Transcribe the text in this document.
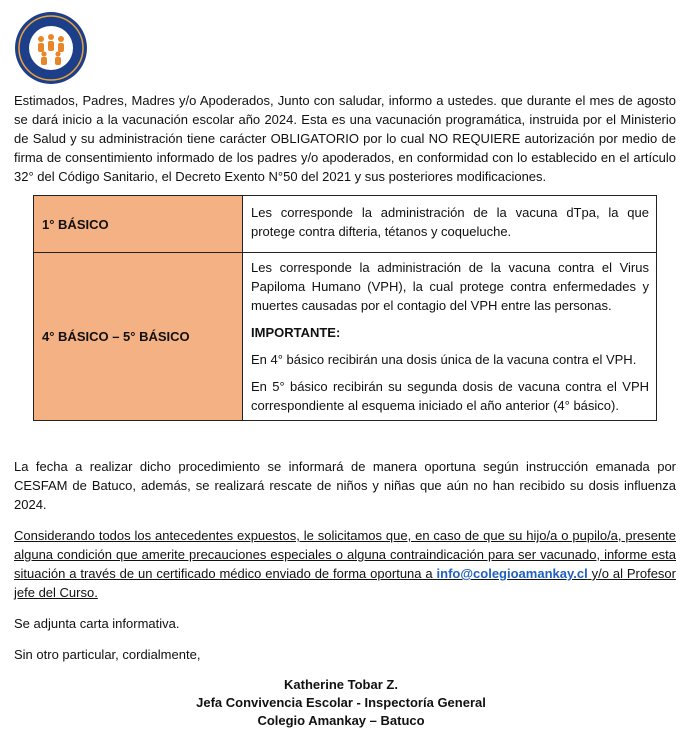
Estimados, Padres, Madres y/o Apoderados, Junto con saludar, informo a ustedes. que durante el mes de agosto se dará inicio a la vacunación escolar año 2024. Esta es una vacunación programática, instruida por el Ministerio de Salud y su administración tiene carácter OBLIGATORIO por lo cual NO REQUIERE autorización por medio de firma de consentimiento informado de los padres y/o apoderados, en conformidad con lo establecido en el artículo 32° del Código Sanitario, el Decreto Exento N°50 del 2021 y sus posteriores modificaciones.

1° BÁSICO	Les corresponde la administración de la vacuna dTpa, la que protege contra difteria, tétanos y coqueluche.

4° BÁSICO – 5° BÁSICO	Les corresponde la administración de la vacuna contra el Virus Papiloma Humano (VPH), la cual protege contra enfermedades y muertes causadas por el contagio del VPH entre las personas.

IMPORTANTE:

En 4° básico recibirán una dosis única de la vacuna contra el VPH.

En 5° básico recibirán su segunda dosis de vacuna contra el VPH correspondiente al esquema iniciado el año anterior (4° básico).

La fecha a realizar dicho procedimiento se informará de manera oportuna según instrucción emanada por CESFAM de Batuco, además, se realizará rescate de niños y niñas que aún no han recibido su dosis influenza 2024.

Considerando todos los antecedentes expuestos, le solicitamos que, en caso de que su hijo/a o pupilo/a, presente alguna condición que amerite precauciones especiales o alguna contraindicación para ser vacunado, informe esta situación a través de un certificado médico enviado de forma oportuna a info@colegioamankay.cl y/o al Profesor jefe del Curso.

Se adjunta carta informativa.

Sin otro particular, cordialmente,

Katherine Tobar Z.
Jefa Convivencia Escolar - Inspectoría General
Colegio Amankay – Batuco
